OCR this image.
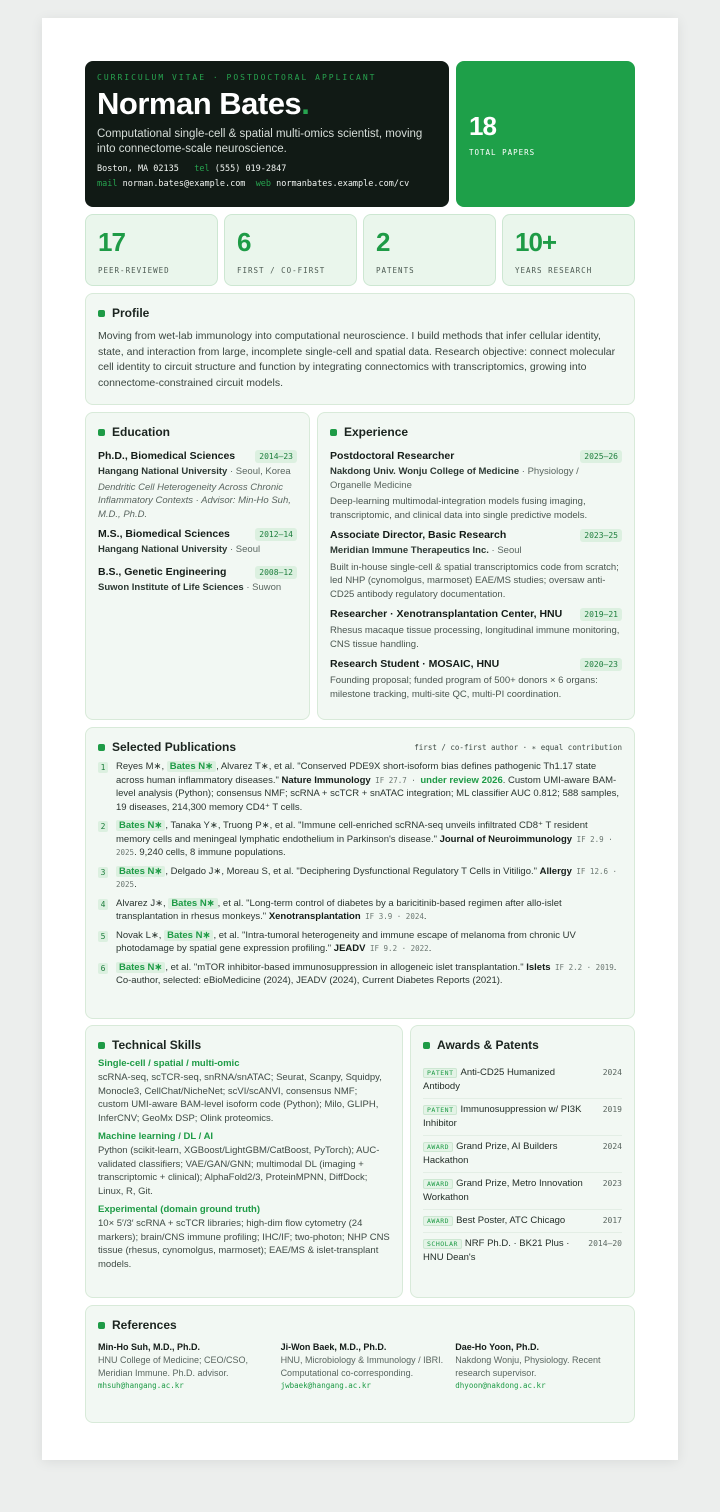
CURRICULUM VITAE · POSTDOCTORAL APPLICANT
Norman Bates.
Computational single-cell & spatial multi-omics scientist, moving into connectome-scale neuroscience.
Boston, MA 02135 tel (555) 019-2847
mail norman.bates@example.com web normanbates.example.com/cv
18
TOTAL PAPERS
17
PEER-REVIEWED
6
FIRST / CO-FIRST
2
PATENTS
10+
YEARS RESEARCH
Profile
Moving from wet-lab immunology into computational neuroscience. I build methods that infer cellular identity, state, and interaction from large, incomplete single-cell and spatial data. Research objective: connect molecular cell identity to circuit structure and function by integrating connectomics with transcriptomics, growing into connectome-constrained circuit models.
Education
Ph.D., Biomedical Sciences	2014–23
Hangang National University · Seoul, Korea
Dendritic Cell Heterogeneity Across Chronic Inflammatory Contexts · Advisor: Min-Ho Suh, M.D., Ph.D.
M.S., Biomedical Sciences	2012–14
Hangang National University · Seoul
B.S., Genetic Engineering	2008–12
Suwon Institute of Life Sciences · Suwon
Experience
Postdoctoral Researcher	2025–26
Nakdong Univ. Wonju College of Medicine · Physiology / Organelle Medicine
Deep-learning multimodal-integration models fusing imaging, transcriptomic, and clinical data into single predictive models.
Associate Director, Basic Research	2023–25
Meridian Immune Therapeutics Inc. · Seoul
Built in-house single-cell & spatial transcriptomics code from scratch; led NHP (cynomolgus, marmoset) EAE/MS studies; oversaw anti-CD25 antibody regulatory documentation.
Researcher · Xenotransplantation Center, HNU	2019–21
Rhesus macaque tissue processing, longitudinal immune monitoring, CNS tissue handling.
Research Student · MOSAIC, HNU	2020–23
Founding proposal; funded program of 500+ donors × 6 organs: milestone tracking, multi-site QC, multi-PI coordination.
Selected Publications	first / co-first author · ∗ equal contribution
1 Reyes M∗, Bates N∗ , Alvarez T∗, et al. "Conserved PDE9X short-isoform bias defines pathogenic Th1.17 state across human inflammatory diseases." Nature Immunology IF 27.7 · under review 2026. Custom UMI-aware BAM-level analysis (Python); consensus NMF; scRNA + scTCR + snATAC integration; ML classifier AUC 0.812; 588 samples, 19 diseases, 214,300 memory CD4⁺ T cells.
2	Bates N∗ , Tanaka Y∗, Truong P∗, et al. "Immune cell-enriched scRNA-seq unveils infiltrated CD8⁺ T resident memory cells and meningeal lymphatic endothelium in Parkinson's disease." Journal of Neuroimmunology IF 2.9 · 2025. 9,240 cells, 8 immune populations.
3	Bates N∗ , Delgado J∗, Moreau S, et al. "Deciphering Dysfunctional Regulatory T Cells in Vitiligo." Allergy IF 12.6 · 2025.
4 Alvarez J∗, Bates N∗ , et al. "Long-term control of diabetes by a baricitinib-based regimen after allo-islet transplantation in rhesus monkeys." Xenotransplantation IF 3.9 · 2024.
5 Novak L∗, Bates N∗ , et al. "Intra-tumoral heterogeneity and immune escape of melanoma from chronic UV photodamage by spatial gene expression profiling." JEADV IF 9.2 · 2022.
6	Bates N∗ , et al. "mTOR inhibitor-based immunosuppression in allogeneic islet transplantation." Islets IF 2.2 · 2019. Co-author, selected: eBioMedicine (2024), JEADV (2024), Current Diabetes Reports (2021).
Technical Skills
Single-cell / spatial / multi-omic
scRNA-seq, scTCR-seq, snRNA/snATAC; Seurat, Scanpy, Squidpy, Monocle3, CellChat/NicheNet; scVI/scANVI, consensus NMF; custom UMI-aware BAM-level isoform code (Python); Milo, GLIPH, InferCNV; GeoMx DSP; Olink proteomics.
Machine learning / DL / AI
Python (scikit-learn, XGBoost/LightGBM/CatBoost, PyTorch); AUC-validated classifiers; VAE/GAN/GNN; multimodal DL (imaging + transcriptomic + clinical); AlphaFold2/3, ProteinMPNN, DiffDock; Linux, R, Git.
Experimental (domain ground truth)
10× 5′/3′ scRNA + scTCR libraries; high-dim flow cytometry (24 markers); brain/CNS immune profiling; IHC/IF; two-photon; NHP CNS tissue (rhesus, cynomolgus, marmoset); EAE/MS & islet-transplant models.
Awards & Patents
PATENT Anti-CD25 Humanized Antibody
2024
PATENT Immunosuppression w/ PI3K Inhibitor
2019
AWARD Grand Prize, AI Builders Hackathon
2024
AWARD Grand Prize, Metro Innovation Workathon
2023
AWARD Best Poster, ATC Chicago	2017
SCHOLAR NRF Ph.D. · BK21 Plus · HNU Dean's
2014–20
References
Min-Ho Suh, M.D., Ph.D.
HNU College of Medicine; CEO/CSO, Meridian Immune. Ph.D. advisor.
mhsuh@hangang.ac.kr
Ji-Won Baek, M.D., Ph.D.
HNU, Microbiology & Immunology / IBRI. Computational co-corresponding.
jwbaek@hangang.ac.kr
Dae-Ho Yoon, Ph.D.
Nakdong Wonju, Physiology. Recent research supervisor.
dhyoon@nakdong.ac.kr
